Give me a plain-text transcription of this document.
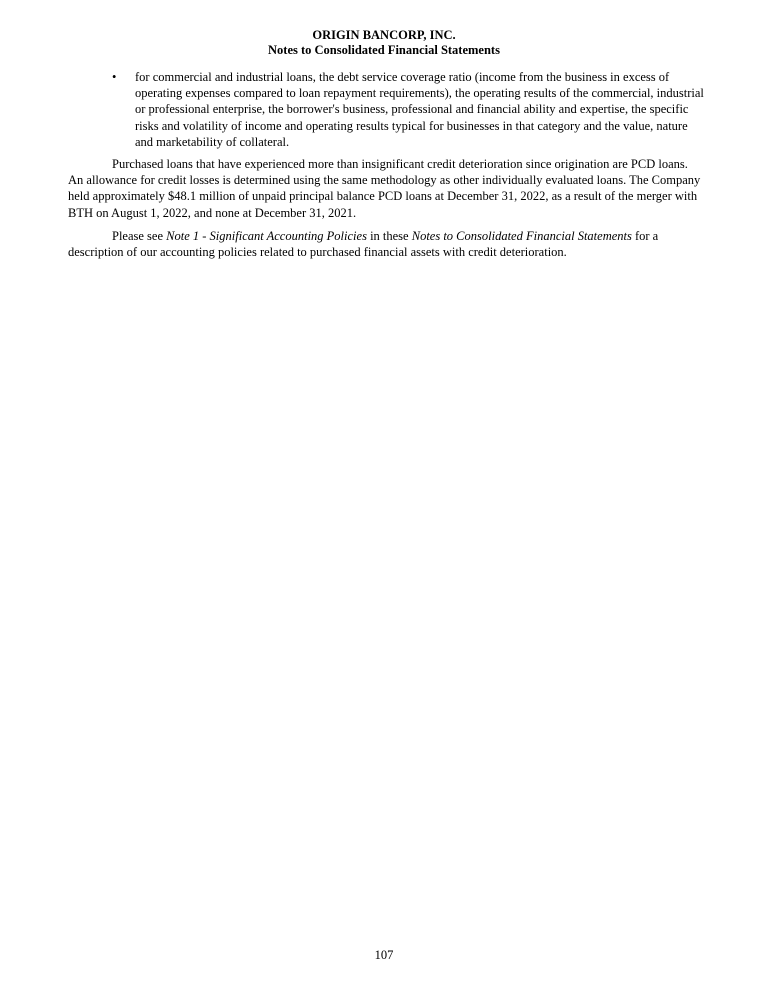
ORIGIN BANCORP, INC.
Notes to Consolidated Financial Statements
• for commercial and industrial loans, the debt service coverage ratio (income from the business in excess of operating expenses compared to loan repayment requirements), the operating results of the commercial, industrial or professional enterprise, the borrower's business, professional and financial ability and expertise, the specific risks and volatility of income and operating results typical for businesses in that category and the value, nature and marketability of collateral.

Purchased loans that have experienced more than insignificant credit deterioration since origination are PCD loans. An allowance for credit losses is determined using the same methodology as other individually evaluated loans. The Company held approximately $48.1 million of unpaid principal balance PCD loans at December 31, 2022, as a result of the merger with BTH on August 1, 2022, and none at December 31, 2021.

Please see Note 1 - Significant Accounting Policies in these Notes to Consolidated Financial Statements for a description of our accounting policies related to purchased financial assets with credit deterioration.

107
